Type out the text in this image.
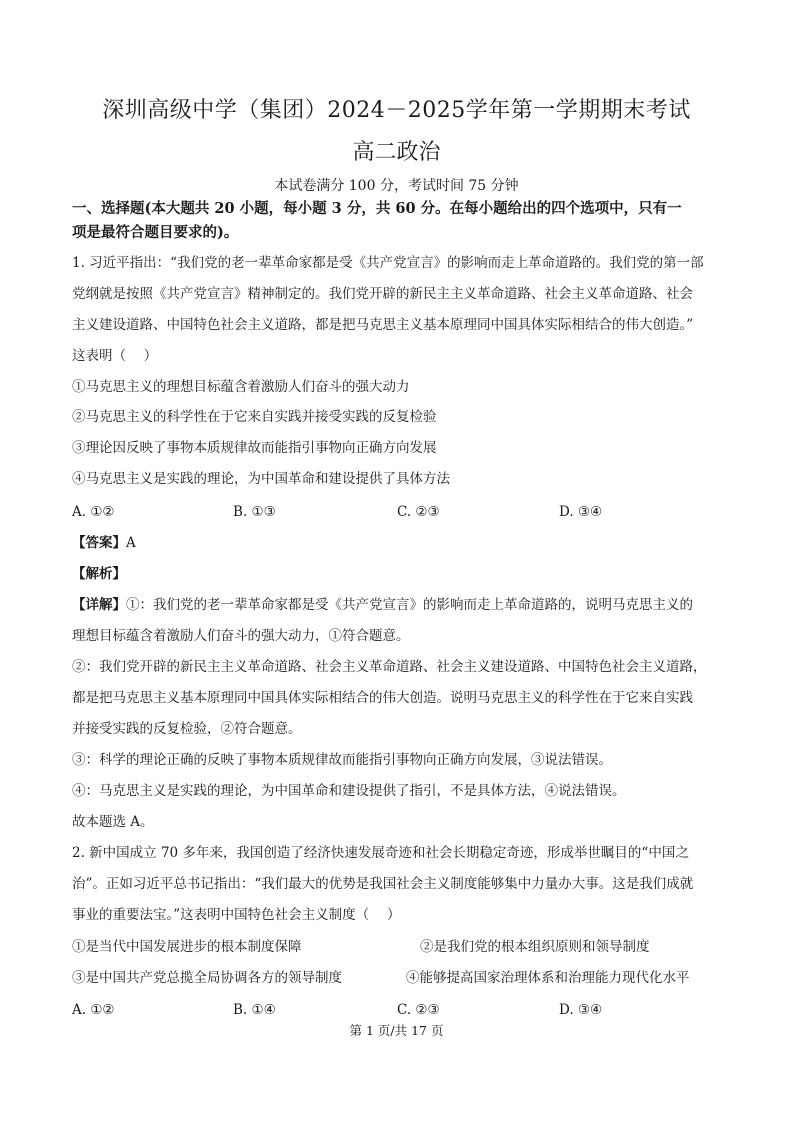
深圳高级中学（集团）2024－2025学年第一学期期末考试
高二政治
本试卷满分 100 分，考试时间 75 分钟
一、选择题(本大题共 20 小题，每小题 3 分，共 60 分。在每小题给出的四个选项中，只有一
项是最符合题目要求的)。
1. 习近平指出：“我们党的老一辈革命家都是受《共产党宣言》的影响而走上革命道路的。我们党的第一部
党纲就是按照《共产党宣言》精神制定的。我们党开辟的新民主主义革命道路、社会主义革命道路、社会
主义建设道路、中国特色社会主义道路，都是把马克思主义基本原理同中国具体实际相结合的伟大创造。”
这表明（　 ）
①马克思主义的理想目标蕴含着激励人们奋斗的强大动力
②马克思主义的科学性在于它来自实践并接受实践的反复检验
③理论因反映了事物本质规律故而能指引事物向正确方向发展
④马克思主义是实践的理论，为中国革命和建设提供了具体方法
A. ①②	B. ①③	C. ②③	D. ③④
【答案】A
【解析】
【详解】①：我们党的老一辈革命家都是受《共产党宣言》的影响而走上革命道路的，说明马克思主义的
理想目标蕴含着激励人们奋斗的强大动力，①符合题意。
②：我们党开辟的新民主主义革命道路、社会主义革命道路、社会主义建设道路、中国特色社会主义道路，
都是把马克思主义基本原理同中国具体实际相结合的伟大创造。说明马克思主义的科学性在于它来自实践
并接受实践的反复检验，②符合题意。
③：科学的理论正确的反映了事物本质规律故而能指引事物向正确方向发展，③说法错误。
④：马克思主义是实践的理论，为中国革命和建设提供了指引，不是具体方法，④说法错误。
故本题选 A。
2. 新中国成立 70 多年来，我国创造了经济快速发展奇迹和社会长期稳定奇迹，形成举世瞩目的“中国之
治”。正如习近平总书记指出：“我们最大的优势是我国社会主义制度能够集中力量办大事。这是我们成就
事业的重要法宝。”这表明中国特色社会主义制度（　 ）
①是当代中国发展进步的根本制度保障	②是我们党的根本组织原则和领导制度
③是中国共产党总揽全局协调各方的领导制度	④能够提高国家治理体系和治理能力现代化水平
A. ①②	B. ①④	C. ②③	D. ③④
第 1 页/共 17 页
